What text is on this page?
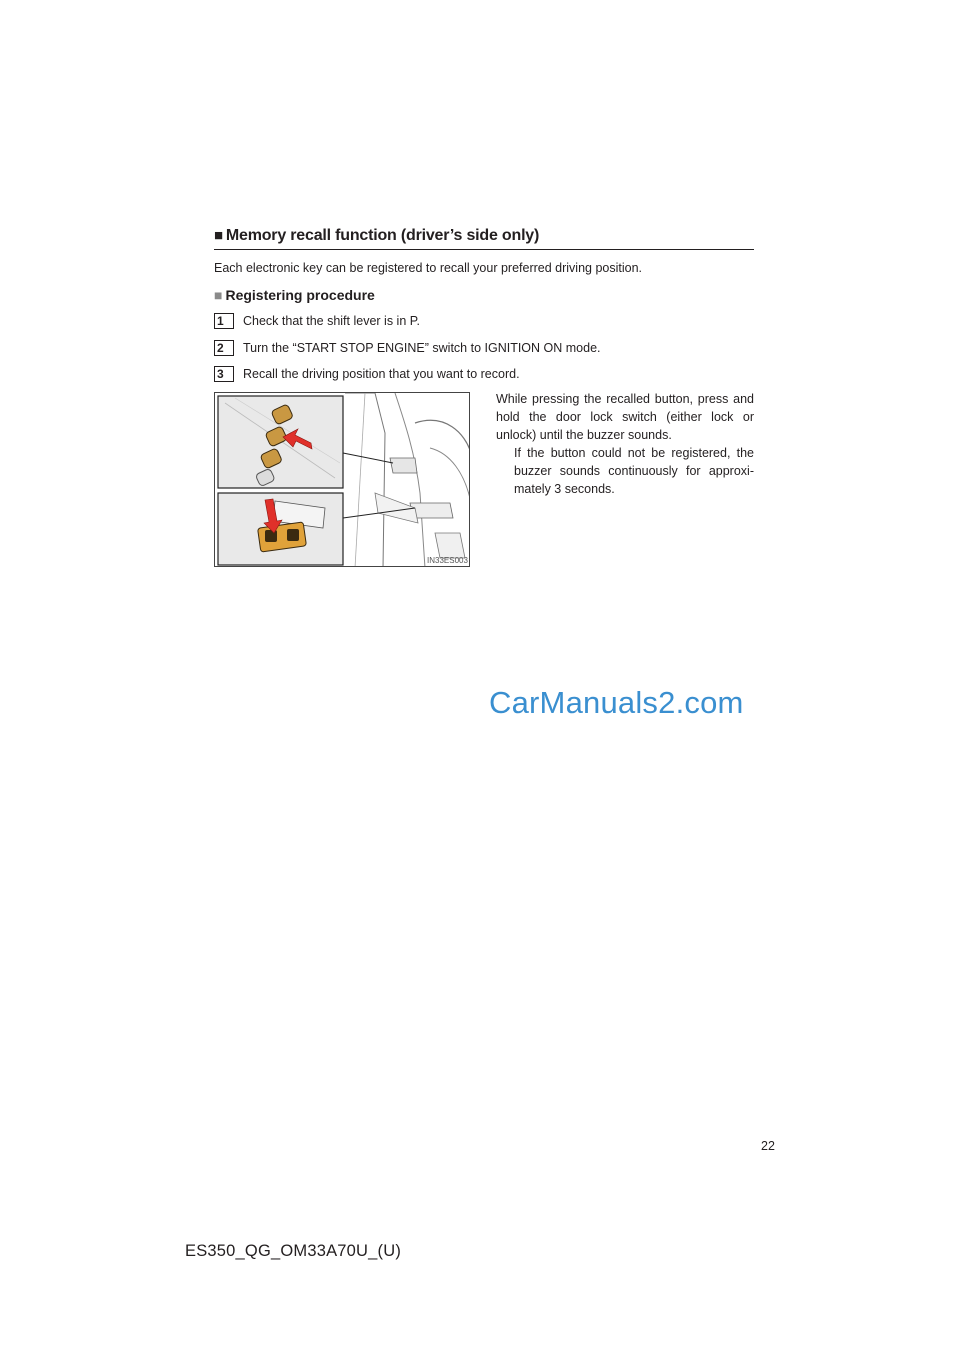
■ Memory recall function (driver’s side only)
Each electronic key can be registered to recall your preferred driving position.
■ Registering procedure
1	Check that the shift lever is in P.
2	Turn the “START STOP ENGINE” switch to IGNITION ON mode.
3	Recall the driving position that you want to record.
IN33ES003
While pressing the recalled button, press and hold the door lock switch (either lock or unlock) until the buzzer sounds.
If the button could not be registered, the buzzer sounds continuously for approximately 3 seconds.
CarManuals2.com
22
ES350_QG_OM33A70U_(U)
